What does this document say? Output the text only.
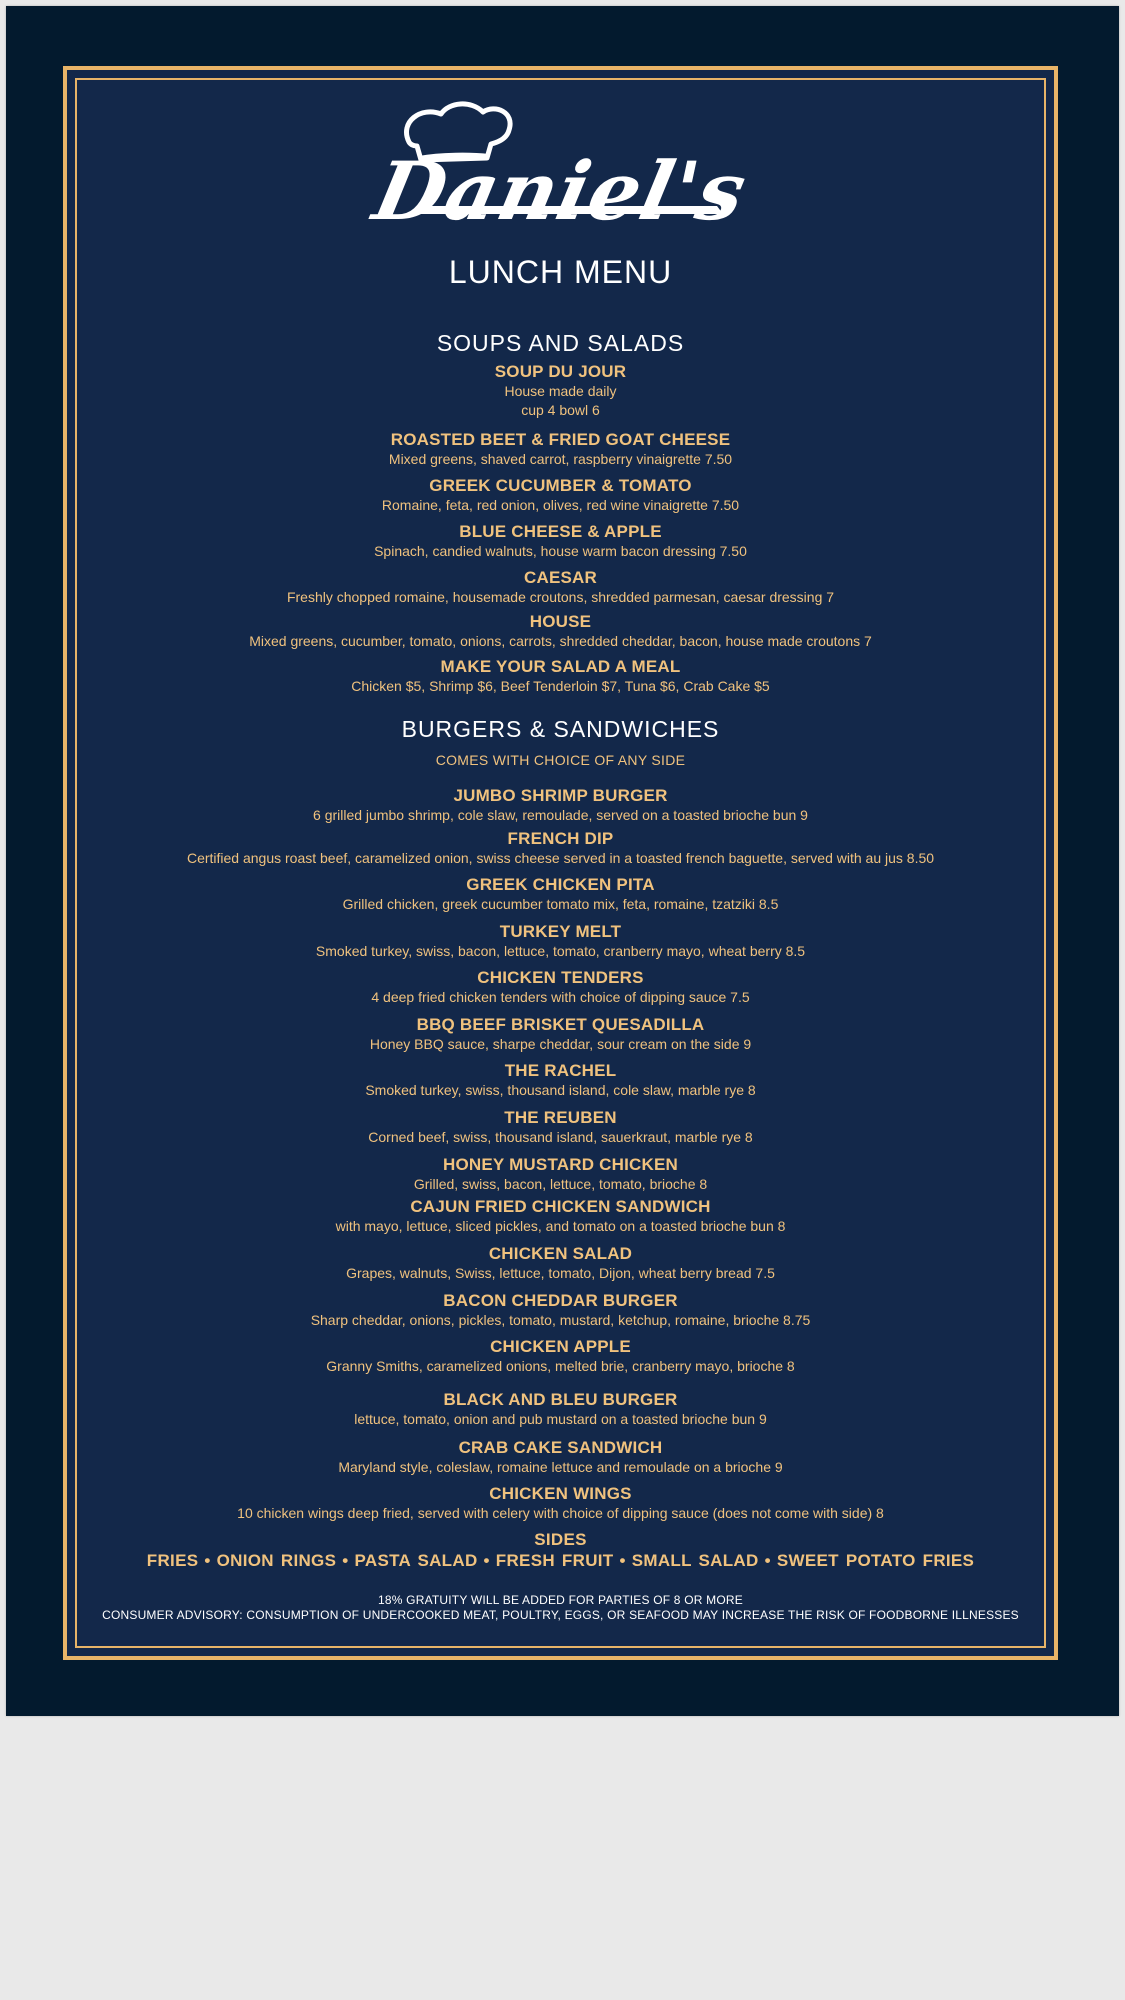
Daniel's
LUNCH MENU
SOUPS AND SALADS
SOUP DU JOUR
House made daily
cup 4 bowl 6
ROASTED BEET & FRIED GOAT CHEESE
Mixed greens, shaved carrot, raspberry vinaigrette 7.50
GREEK CUCUMBER & TOMATO
Romaine, feta, red onion, olives, red wine vinaigrette 7.50
BLUE CHEESE & APPLE
Spinach, candied walnuts, house warm bacon dressing 7.50
CAESAR
Freshly chopped romaine, housemade croutons, shredded parmesan, caesar dressing 7
HOUSE
Mixed greens, cucumber, tomato, onions, carrots, shredded cheddar, bacon, house made croutons 7
MAKE YOUR SALAD A MEAL
Chicken $5, Shrimp $6, Beef Tenderloin $7, Tuna $6, Crab Cake $5
BURGERS & SANDWICHES
COMES WITH CHOICE OF ANY SIDE
JUMBO SHRIMP BURGER
6 grilled jumbo shrimp, cole slaw, remoulade, served on a toasted brioche bun 9
FRENCH DIP
Certified angus roast beef, caramelized onion, swiss cheese served in a toasted french baguette, served with au jus 8.50
GREEK CHICKEN PITA
Grilled chicken, greek cucumber tomato mix, feta, romaine, tzatziki 8.5
TURKEY MELT
Smoked turkey, swiss, bacon, lettuce, tomato, cranberry mayo, wheat berry 8.5
CHICKEN TENDERS
4 deep fried chicken tenders with choice of dipping sauce 7.5
BBQ BEEF BRISKET QUESADILLA
Honey BBQ sauce, sharpe cheddar, sour cream on the side 9
THE RACHEL
Smoked turkey, swiss, thousand island, cole slaw, marble rye 8
THE REUBEN
Corned beef, swiss, thousand island, sauerkraut, marble rye 8
HONEY MUSTARD CHICKEN
Grilled, swiss, bacon, lettuce, tomato, brioche 8
CAJUN FRIED CHICKEN SANDWICH
with mayo, lettuce, sliced pickles, and tomato on a toasted brioche bun 8
CHICKEN SALAD
Grapes, walnuts, Swiss, lettuce, tomato, Dijon, wheat berry bread 7.5
BACON CHEDDAR BURGER
Sharp cheddar, onions, pickles, tomato, mustard, ketchup, romaine, brioche 8.75
CHICKEN APPLE
Granny Smiths, caramelized onions, melted brie, cranberry mayo, brioche 8
BLACK AND BLEU BURGER
lettuce, tomato, onion and pub mustard on a toasted brioche bun 9
CRAB CAKE SANDWICH
Maryland style, coleslaw, romaine lettuce and remoulade on a brioche 9
CHICKEN WINGS
10 chicken wings deep fried, served with celery with choice of dipping sauce (does not come with side) 8
SIDES
FRIES • ONION RINGS • PASTA SALAD • FRESH FRUIT • SMALL SALAD • SWEET POTATO FRIES
18% GRATUITY WILL BE ADDED FOR PARTIES OF 8 OR MORE
CONSUMER ADVISORY: CONSUMPTION OF UNDERCOOKED MEAT, POULTRY, EGGS, OR SEAFOOD MAY INCREASE THE RISK OF FOODBORNE ILLNESSES
